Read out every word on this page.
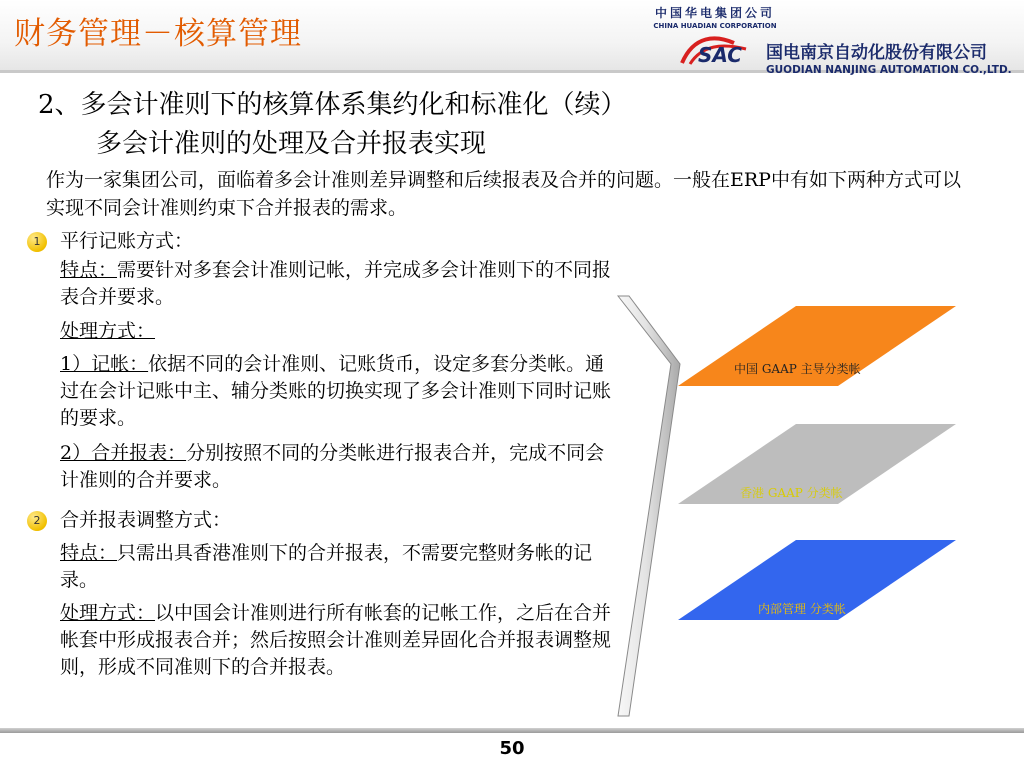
财务管理－核算管理
中国华电集团公司
CHINA HUADIAN CORPORATION
SAC 国电南京自动化股份有限公司
GUODIAN NANJING AUTOMATION CO.,LTD.
2、多会计准则下的核算体系集约化和标准化（续）
多会计准则的处理及合并报表实现
作为一家集团公司，面临着多会计准则差异调整和后续报表及合并的问题。一般在ERP中有如下两种方式可以实现不同会计准则约束下合并报表的需求。
1	平行记账方式：
特点：需要针对多套会计准则记帐，并完成多会计准则下的不同报表合并要求。
处理方式：
1）记帐：依据不同的会计准则、记账货币，设定多套分类帐。通过在会计记账中主、辅分类账的切换实现了多会计准则下同时记账的要求。
2）合并报表：分别按照不同的分类帐进行报表合并，完成不同会计准则的合并要求。
2	合并报表调整方式：
特点：只需出具香港准则下的合并报表，不需要完整财务帐的记录。
处理方式：以中国会计准则进行所有帐套的记帐工作，之后在合并帐套中形成报表合并；然后按照会计准则差异固化合并报表调整规则，形成不同准则下的合并报表。
中国 GAAP 主导分类帐
香港 GAAP 分类帐
内部管理 分类帐
50
